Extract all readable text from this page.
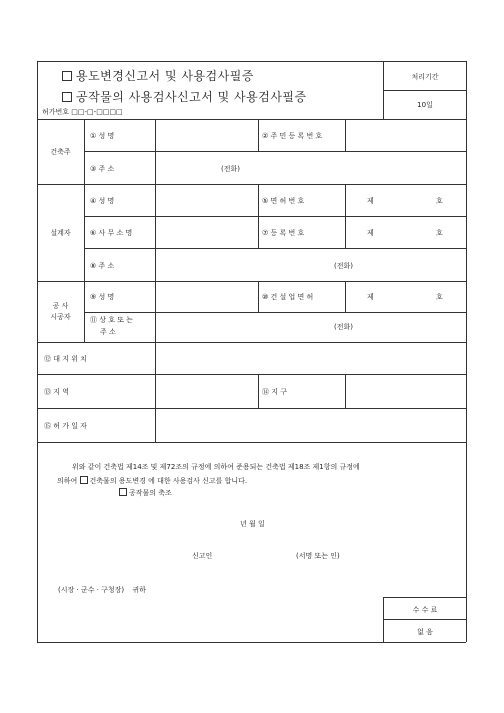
용도변경신고서 및 사용검사필증
공작물의 사용검사신고서 및 사용검사필증
허가번호 □□-□-□□□□
처리기간
10일
건축주
① 성 명	② 주 민 등 록 번 호
③ 주 소	(전화)
설계자
④ 성 명	⑤ 면 허 번 호	제	호
⑥ 사 무 소 명	⑦ 등 록 번 호	제	호
⑧ 주 소	(전화)
공 사
시공자
⑨ 성 명	⑩ 건 설 업 면 허	제	호
⑪ 상 호 또 는
주 소
(전화)
⑫ 대 지 위 치
⑬ 지 역	⑭ 지 구
⑮ 허 가 일 자
위와 같이 건축법 제14조 및 제72조의 규정에 의하여 준용되는 건축법 제18조 제1항의 규정에
의하여 건축물의 용도변경 에 대한 사용검사 신고를 합니다.
공작물의 축조
년 월 일
신고인	(서명 또는 인)
(시장 · 군수 · 구청장) 귀하
수 수 료
없 음
